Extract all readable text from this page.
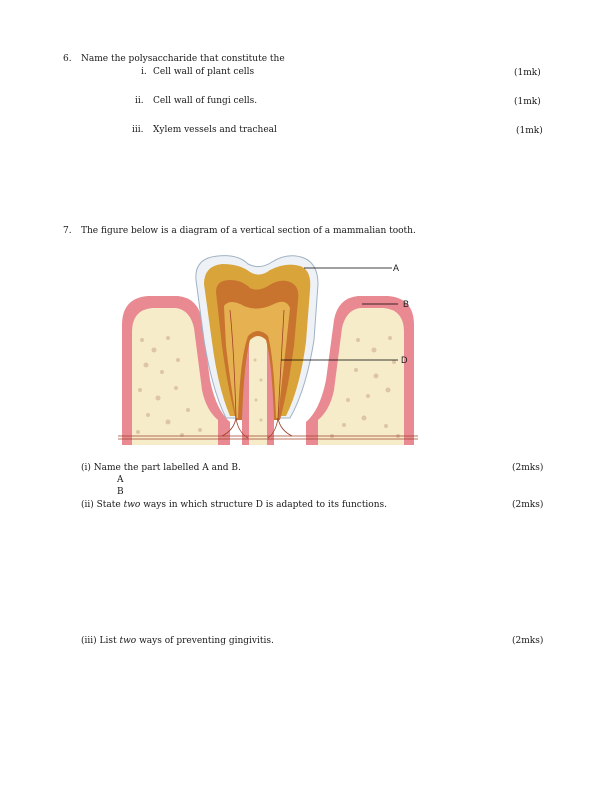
6. Name the polysaccharide that constitute the
i. Cell wall of plant cells	(1mk)
ii. Cell wall of fungi cells.	(1mk)
iii. Xylem vessels and tracheal	(1mk)
7. The figure below is a diagram of a vertical section of a mammalian tooth.
A
B
D
(i) Name the part labelled A and B.	(2mks)
A
B
(ii) State two ways in which structure D is adapted to its functions.	(2mks)
(iii) List two ways of preventing gingivitis.	(2mks)
